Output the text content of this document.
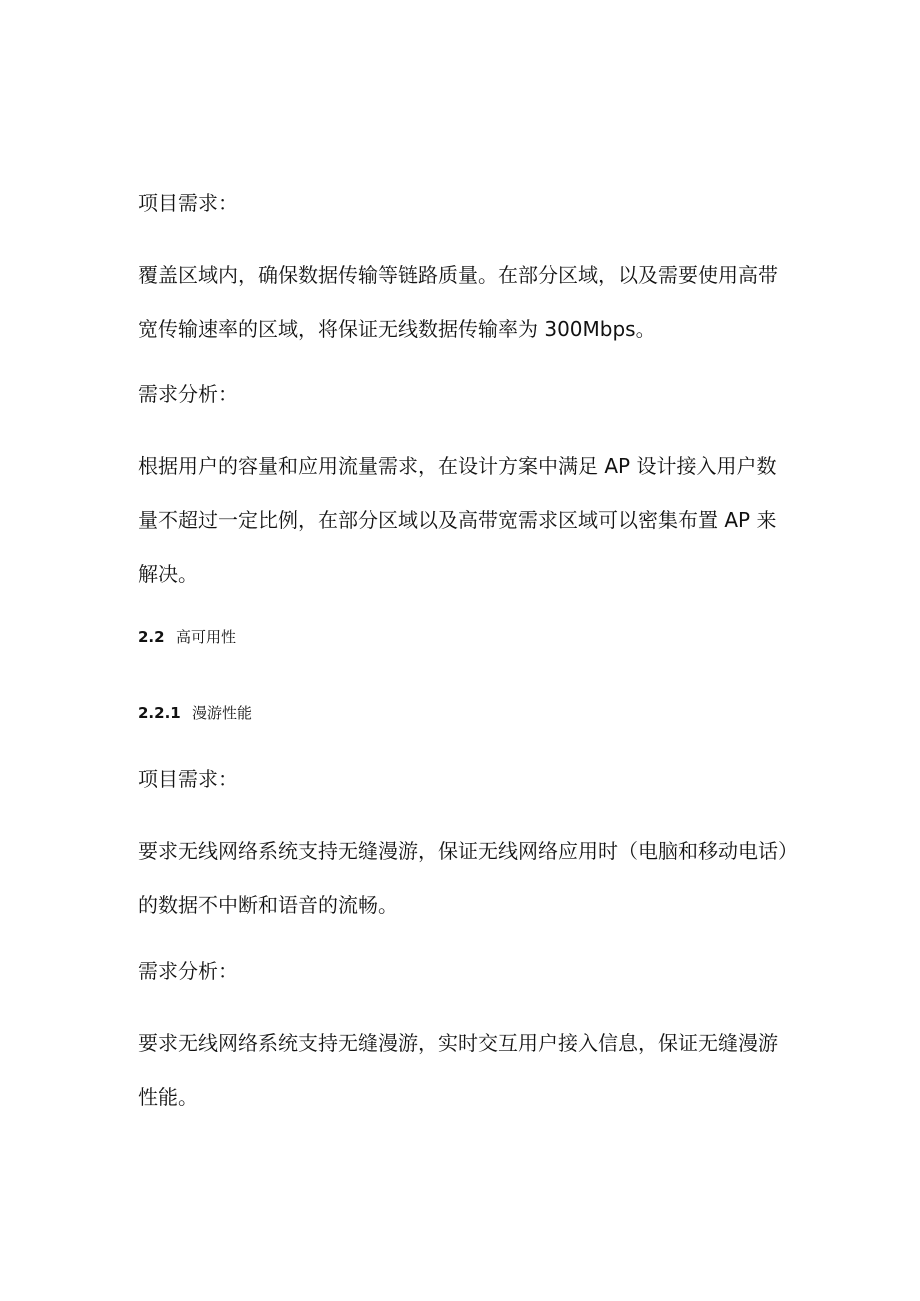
项目需求：

覆盖区域内，确保数据传输等链路质量。在部分区域，以及需要使用高带
宽传输速率的区域，将保证无线数据传输率为 300Mbps。

需求分析：

根据用户的容量和应用流量需求，在设计方案中满足 AP 设计接入用户数
量不超过一定比例，在部分区域以及高带宽需求区域可以密集布置 AP 来
解决。

2.2 高可用性

2.2.1 漫游性能

项目需求：

要求无线网络系统支持无缝漫游，保证无线网络应用时（电脑和移动电话）
的数据不中断和语音的流畅。

需求分析：

要求无线网络系统支持无缝漫游，实时交互用户接入信息，保证无缝漫游
性能。
